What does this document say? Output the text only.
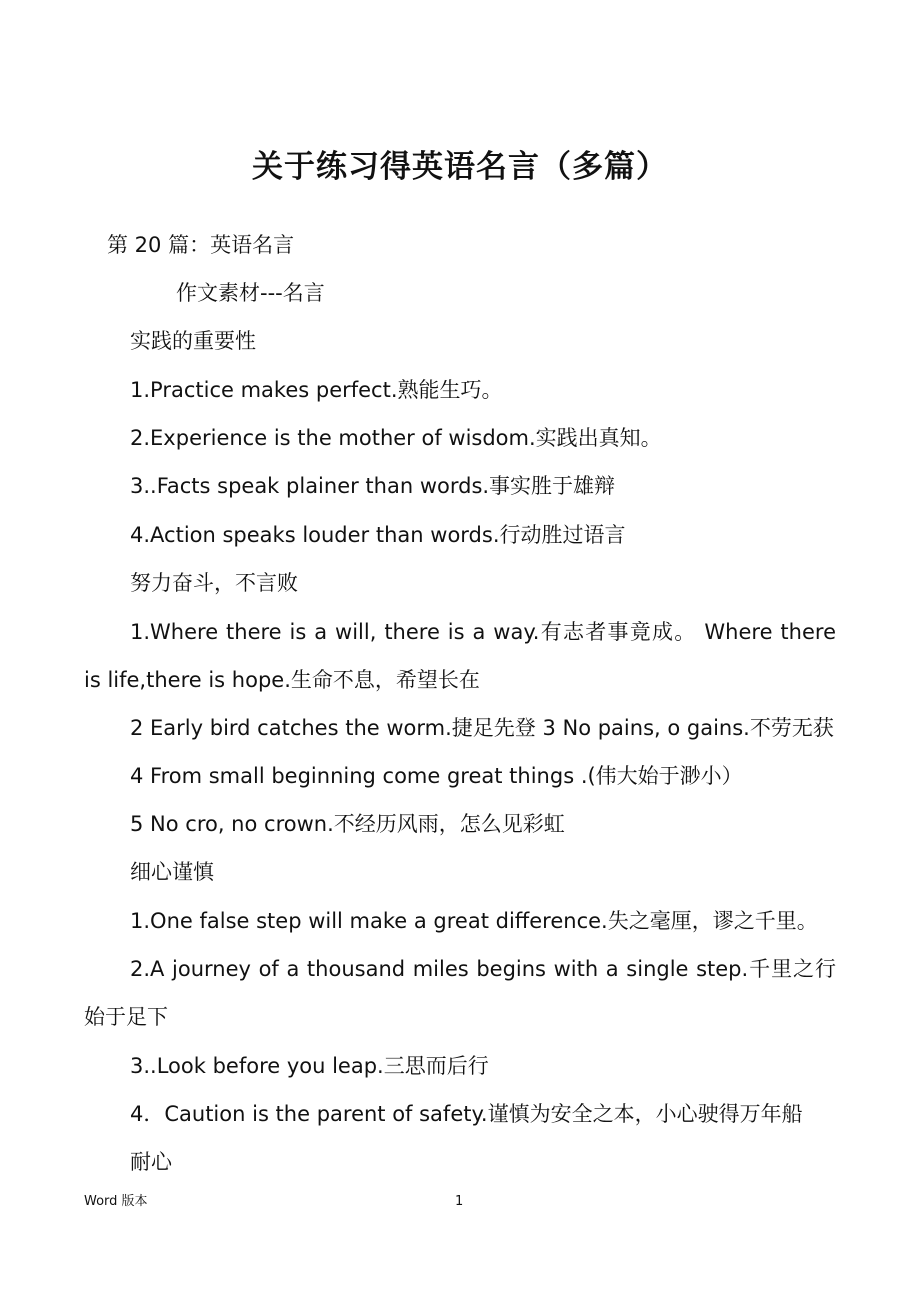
关于练习得英语名言（多篇）
第 20 篇：英语名言
作文素材---名言
实践的重要性
1.Practice makes perfect.熟能生巧。
2.Experience is the mother of wisdom.实践出真知。
3..Facts speak plainer than words.事实胜于雄辩
4.Action speaks louder than words.行动胜过语言
努力奋斗，不言败
1.Where there is a will, there is a way.有志者事竟成。 Where there is life,there is hope.生命不息，希望长在
2 Early bird catches the worm.捷足先登 3 No pains, o gains.不劳无获
4 From small beginning come great things .(伟大始于渺小）
5 No cro, no crown.不经历风雨，怎么见彩虹
细心谨慎
1.One false step will make a great difference.失之毫厘，谬之千里。
2.A journey of a thousand miles begins with a single step.千里之行始于足下
3..Look before you leap.三思而后行
4．Caution is the parent of safety.谨慎为安全之本，小心驶得万年船
耐心
Word 版本	1
